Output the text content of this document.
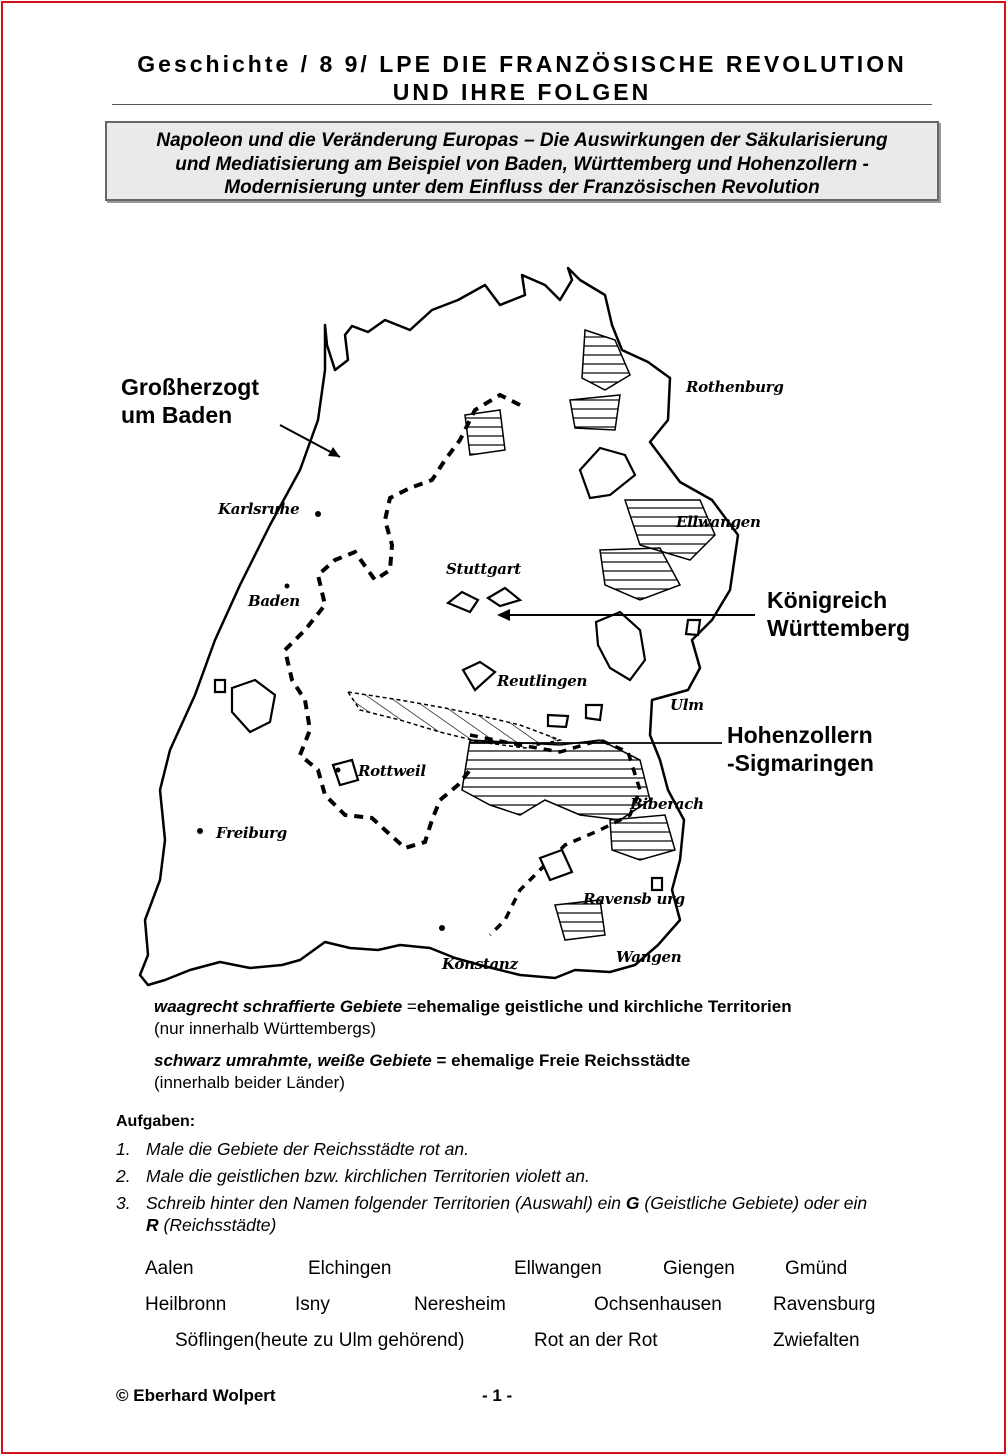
Geschichte / 8 9/ LPE DIE FRANZÖSISCHE REVOLUTION
UND IHRE FOLGEN
Napoleon und die Veränderung Europas – Die Auswirkungen der Säkularisierung
und Mediatisierung am Beispiel von Baden, Württemberg und Hohenzollern -
Modernisierung unter dem Einfluss der Französischen Revolution
Großherzogt
um Baden
Königreich
Württemberg
Hohenzollern
-Sigmaringen
Rothenburg
Karlsruhe
Ellwangen
Stuttgart
Baden
Reutlingen
Ulm
Rottweil
Biberach
Freiburg
Ravensb urg
Konstanz	Wangen
waagrecht schraffierte Gebiete =ehemalige geistliche und kirchliche Territorien
(nur innerhalb Württembergs)
schwarz umrahmte, weiße Gebiete = ehemalige Freie Reichsstädte
(innerhalb beider Länder)
Aufgaben:
1. Male die Gebiete der Reichsstädte rot an.
2. Male die geistlichen bzw. kirchlichen Territorien violett an.
3. Schreib hinter den Namen folgender Territorien (Auswahl) ein G (Geistliche Gebiete) oder ein
R (Reichsstädte)
Aalen	Elchingen	Ellwangen	Giengen	Gmünd
Heilbronn	Isny	Neresheim	Ochsenhausen	Ravensburg
Söflingen(heute zu Ulm gehörend)	Rot an der Rot	Zwiefalten
© Eberhard Wolpert	- 1 -
